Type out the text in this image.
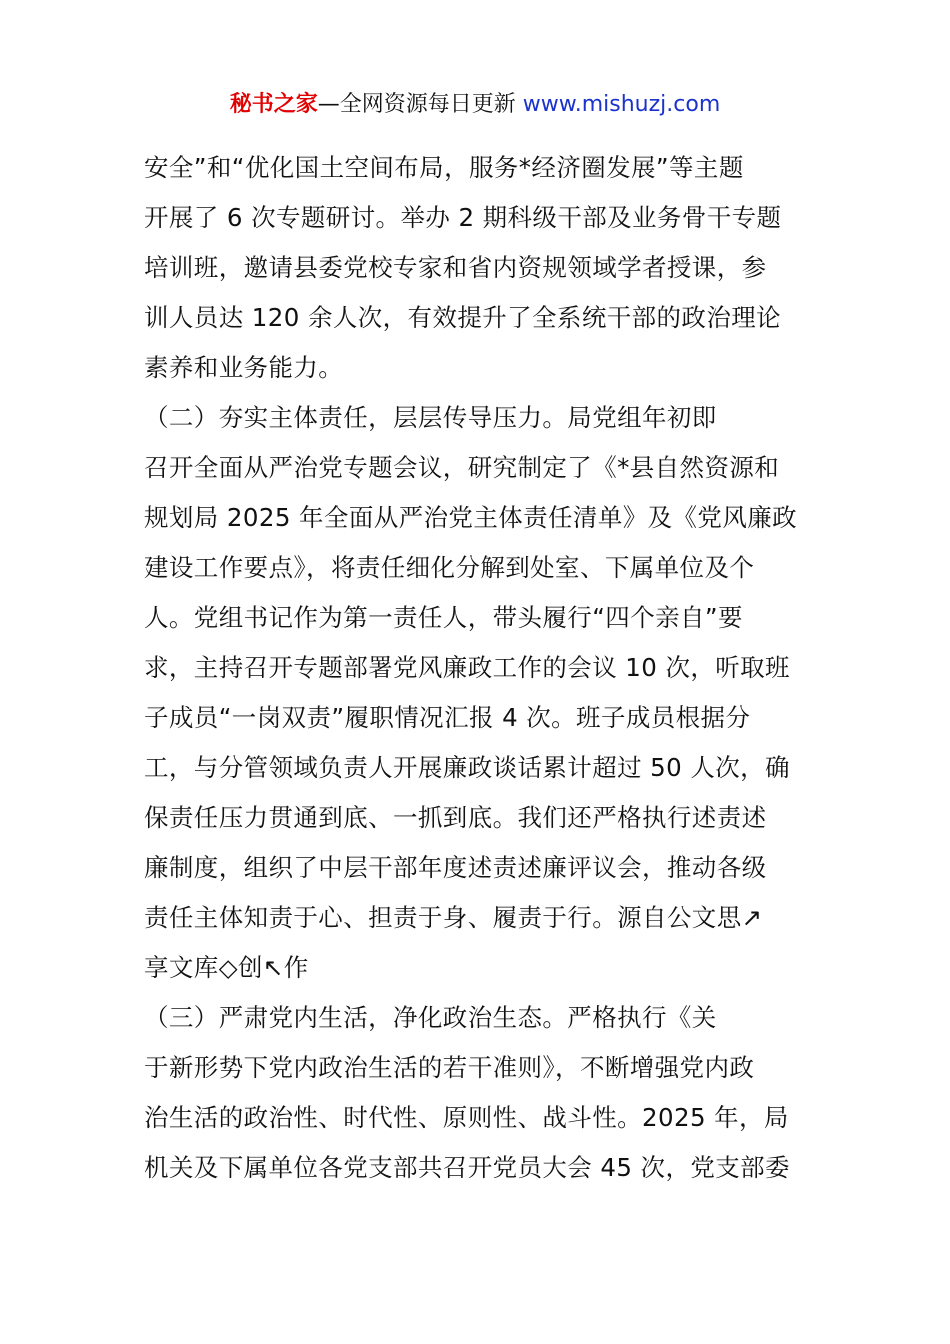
秘书之家—全网资源每日更新 www.mishuzj.com
安全”和“优化国土空间布局，服务*经济圈发展”等主题
开展了 6 次专题研讨。举办 2 期科级干部及业务骨干专题
培训班，邀请县委党校专家和省内资规领域学者授课，参
训人员达 120 余人次，有效提升了全系统干部的政治理论
素养和业务能力。
（二）夯实主体责任，层层传导压力。局党组年初即
召开全面从严治党专题会议，研究制定了《*县自然资源和
规划局 2025 年全面从严治党主体责任清单》及《党风廉政
建设工作要点》，将责任细化分解到处室、下属单位及个
人。党组书记作为第一责任人，带头履行“四个亲自”要
求，主持召开专题部署党风廉政工作的会议 10 次，听取班
子成员“一岗双责”履职情况汇报 4 次。班子成员根据分
工，与分管领域负责人开展廉政谈话累计超过 50 人次，确
保责任压力贯通到底、一抓到底。我们还严格执行述责述
廉制度，组织了中层干部年度述责述廉评议会，推动各级
责任主体知责于心、担责于身、履责于行。源自公文思↗
享文库◇创↖作
（三）严肃党内生活，净化政治生态。严格执行《关
于新形势下党内政治生活的若干准则》，不断增强党内政
治生活的政治性、时代性、原则性、战斗性。2025 年，局
机关及下属单位各党支部共召开党员大会 45 次，党支部委
